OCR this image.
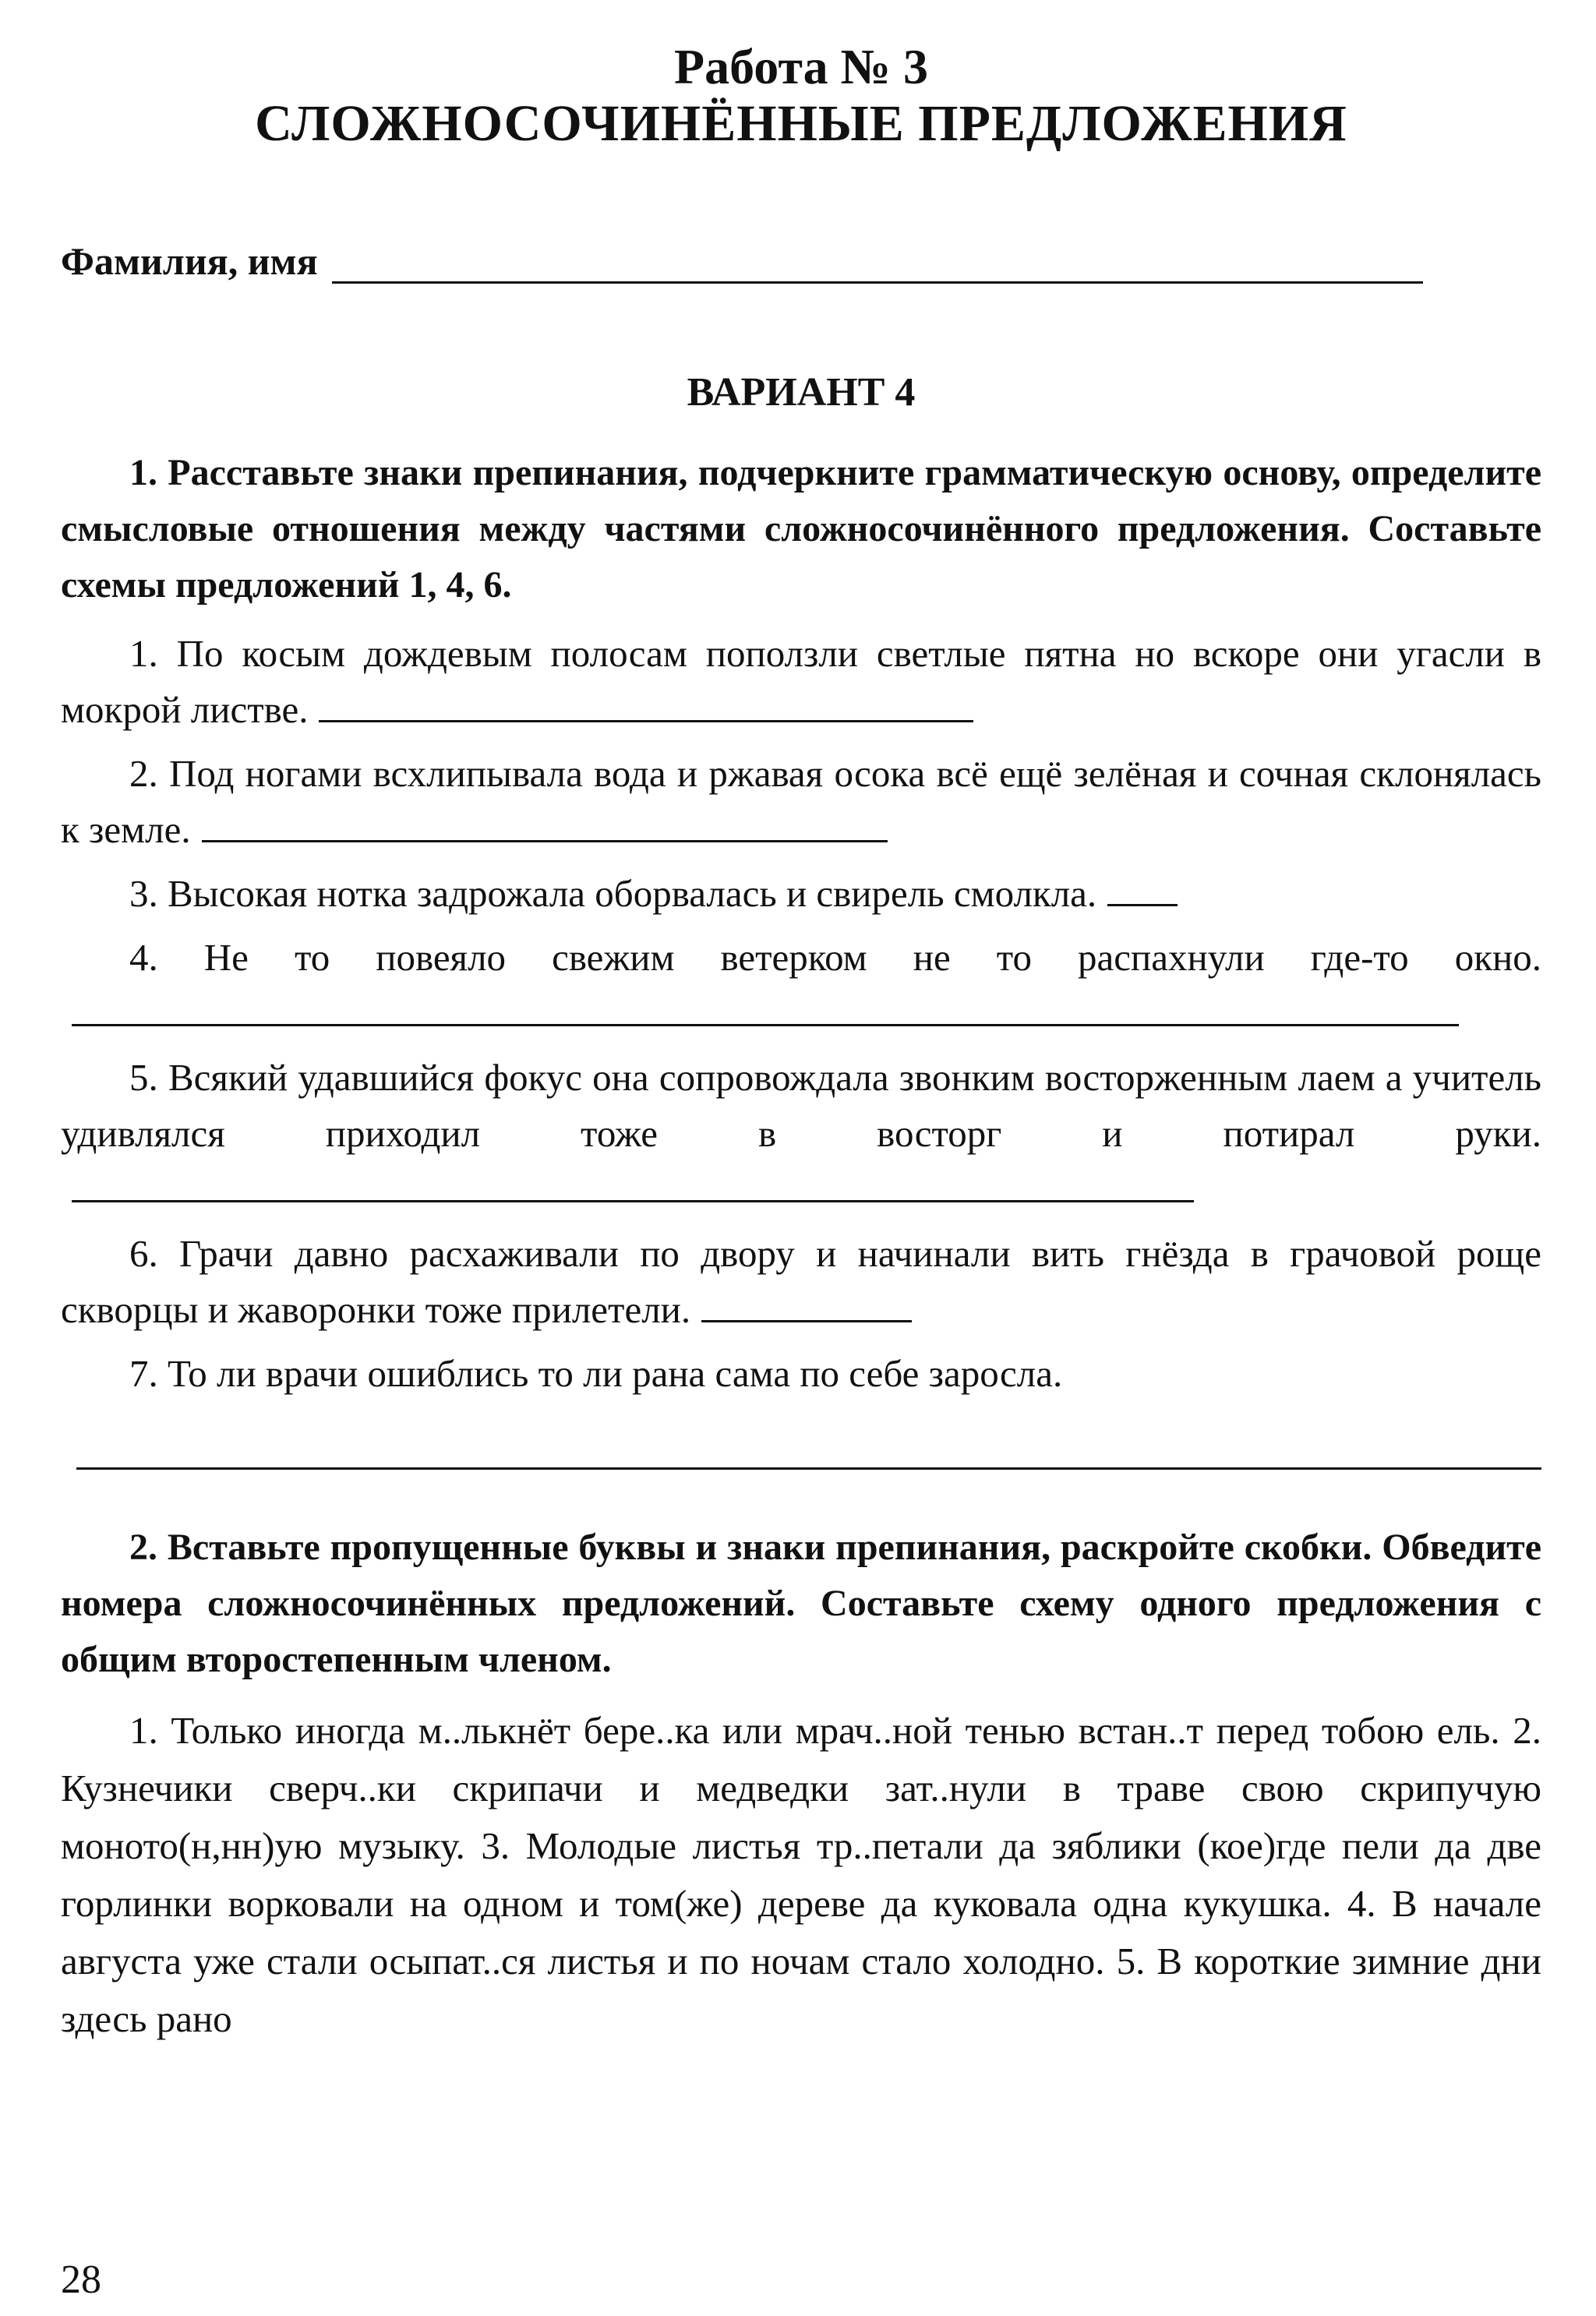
Работа № 3

СЛОЖНОСОЧИНЁННЫЕ ПРЕДЛОЖЕНИЯ

Фамилия, имя
ВАРИАНТ 4

1. Расставьте знаки препинания, подчеркните грамматическую основу, определите смысловые отношения между частями сложносочинённого предложения. Составьте схемы предложений 1, 4, 6.

1. По косым дождевым полосам поползли светлые пятна но вскоре они угасли в мокрой листве.

2. Под ногами всхлипывала вода и ржавая осока всё ещё зелёная и сочная склонялась к земле.

3. Высокая нотка задрожала оборвалась и свирель смолкла.

4. Не то повеяло свежим ветерком не то распахнули где-то окно.

5. Всякий удавшийся фокус она сопровождала звонким восторженным лаем а учитель удивлялся приходил тоже в восторг и потирал руки.

6. Грачи давно расхаживали по двору и начинали вить гнёзда в грачовой роще скворцы и жаворонки тоже прилетели.

7. То ли врачи ошиблись то ли рана сама по себе заросла.

2. Вставьте пропущенные буквы и знаки препинания, раскройте скобки. Обведите номера сложносочинённых предложений. Составьте схему одного предложения с общим второстепенным членом.

1. Только иногда м..лькнёт бере..ка или мрач..ной тенью встан..т перед тобою ель. 2. Кузнечики сверч..ки скрипачи и медведки зат..нули в траве свою скрипучую моното(н,нн)ую музыку. 3. Молодые листья тр..петали да зяблики (кое)где пели да две горлинки ворковали на одном и том(же) дереве да куковала одна кукушка. 4. В начале августа уже стали осыпат..ся листья и по ночам стало холодно. 5. В короткие зимние дни здесь рано

28
